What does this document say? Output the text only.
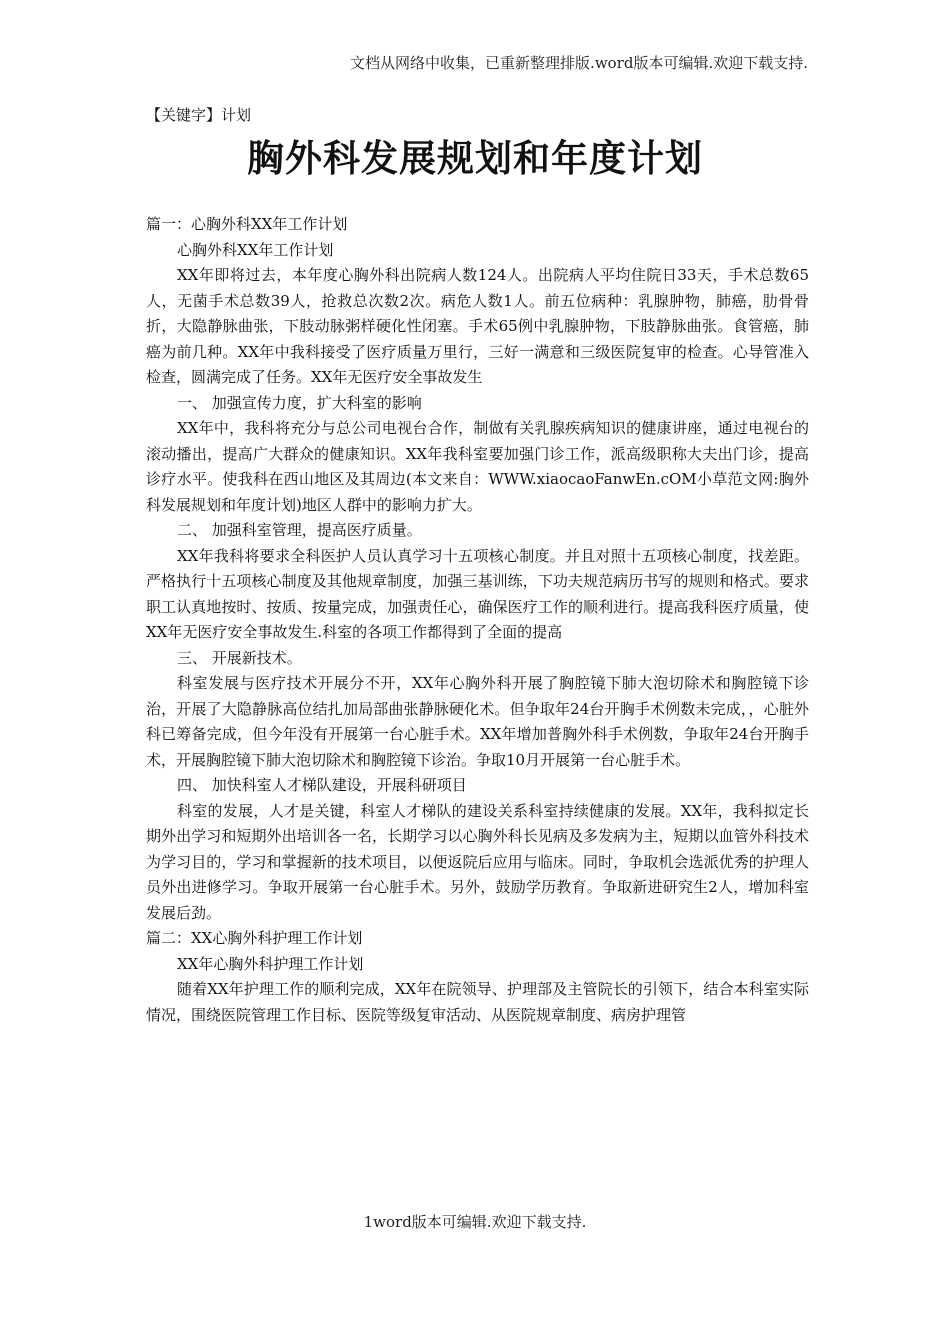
文档从网络中收集，已重新整理排版.word版本可编辑.欢迎下载支持.
【关键字】计划
胸外科发展规划和年度计划

篇一：心胸外科XX年工作计划

心胸外科XX年工作计划

XX年即将过去，本年度心胸外科出院病人数124人。出院病人平均住院日33天，手术总数65人，无菌手术总数39人，抢救总次数2次。病危人数1人。前五位病种：乳腺肿物，肺癌，肋骨骨折，大隐静脉曲张，下肢动脉粥样硬化性闭塞。手术65例中乳腺肿物，下肢静脉曲张。食管癌，肺癌为前几种。XX年中我科接受了医疗质量万里行，三好一满意和三级医院复审的检查。心导管准入检查，圆满完成了任务。XX年无医疗安全事故发生

一、 加强宣传力度，扩大科室的影响

XX年中，我科将充分与总公司电视台合作，制做有关乳腺疾病知识的健康讲座，通过电视台的滚动播出，提高广大群众的健康知识。XX年我科室要加强门诊工作，派高级职称大夫出门诊，提高诊疗水平。使我科在西山地区及其周边(本文来自：WWW.xiaocaoFanwEn.cOM小草范文网:胸外科发展规划和年度计划)地区人群中的影响力扩大。

二、 加强科室管理，提高医疗质量。

XX年我科将要求全科医护人员认真学习十五项核心制度。并且对照十五项核心制度，找差距。严格执行十五项核心制度及其他规章制度，加强三基训练，下功夫规范病历书写的规则和格式。要求职工认真地按时、按质、按量完成，加强责任心，确保医疗工作的顺利进行。提高我科医疗质量，使XX年无医疗安全事故发生.科室的各项工作都得到了全面的提高

三、 开展新技术。

科室发展与医疗技术开展分不开，XX年心胸外科开展了胸腔镜下肺大泡切除术和胸腔镜下诊治，开展了大隐静脉高位结扎加局部曲张静脉硬化术。但争取年24台开胸手术例数未完成，，心脏外科已筹备完成，但今年没有开展第一台心脏手术。XX年增加普胸外科手术例数，争取年24台开胸手术，开展胸腔镜下肺大泡切除术和胸腔镜下诊治。争取10月开展第一台心脏手术。

四、 加快科室人才梯队建设，开展科研项目

科室的发展，人才是关键，科室人才梯队的建设关系科室持续健康的发展。XX年，我科拟定长期外出学习和短期外出培训各一名，长期学习以心胸外科长见病及多发病为主，短期以血管外科技术为学习目的，学习和掌握新的技术项目，以便返院后应用与临床。同时，争取机会选派优秀的护理人员外出进修学习。争取开展第一台心脏手术。另外，鼓励学历教育。争取新进研究生2人，增加科室发展后劲。

篇二：XX心胸外科护理工作计划

XX年心胸外科护理工作计划

随着XX年护理工作的顺利完成，XX年在院领导、护理部及主管院长的引领下，结合本科室实际情况，围绕医院管理工作目标、医院等级复审活动、从医院规章制度、病房护理管

1word版本可编辑.欢迎下载支持.
